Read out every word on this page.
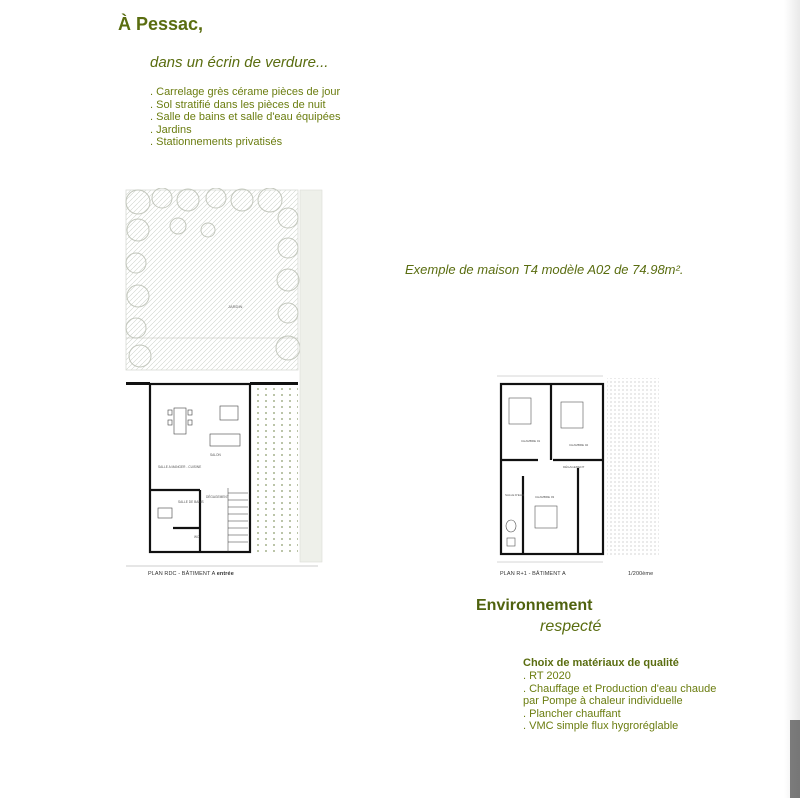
À Pessac,
dans un écrin de verdure...
. Carrelage grès cérame pièces de jour
. Sol stratifié dans les pièces de nuit
. Salle de bains et salle d'eau équipées
. Jardins
. Stationnements privatisés
JARDIN
SALLE A MANGER - CUISINE
SALON
SALLE DE BAINS
WC
DÉGAGEMENT
PLAN RDC - BÂTIMENT A entrée
Exemple de maison T4 modèle A02 de 74.98m².
CHAMBRE 01
CHAMBRE 02
DÉGAGEMENT
CHAMBRE 03
SALLE D'EAU
PLAN R+1 - BÂTIMENT A	1/200ème
Environnement
respecté
Choix de matériaux de qualité
. RT 2020
. Chauffage et Production d'eau chaude
par Pompe à chaleur individuelle
. Plancher chauffant
. VMC simple flux hygroréglable
